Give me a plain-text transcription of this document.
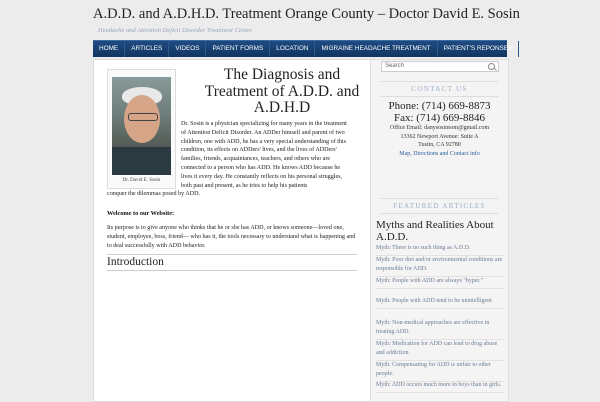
A.D.D. and A.D.H.D. Treatment Orange County – Doctor David E. Sosin
Headache and Attention Deficit Disorder Treatment Center
HOME	ARTICLES	VIDEOS	PATIENT FORMS	LOCATION	MIGRAINE HEADACHE TREATMENT	PATIENT'S REPONSES
Dr. David E. Sosin
The Diagnosis and Treatment of A.D.D. and A.D.H.D
Dr. Sosin is a physician specializing for many years in the treatment of Attention Deficit Disorder. An ADDer himself and parent of two children, one with ADD, he has a very special understanding of this condition, its effects on ADDers' lives, and the lives of ADDers' families, friends, acquaintances, teachers, and others who are connected to a person who has ADD. He knows ADD because he lives it every day. He constantly reflects on his personal struggles, both past and present, as he tries to help his patients
conquer the dilemmas posed by ADD.
Welcome to our Website:
Its purpose is to give anyone who thinks that he or she has ADD, or knows someone—loved one, student, employee, boss, friend— who has it, the tools necessary to understand what is happening and to deal successfully with ADD behavior.
Introduction
Search
CONTACT US
Phone: (714) 669-8873
Fax: (714) 669-8846
Office Email: danysosinsom@gmail.com
13362 Newport Avenue: Suite A
Tustin, CA 92780
Map, Directions and Contact info
FEATURED ARTICLES
Myths and Realities About A.D.D.
Myth: There is no such thing as A.D.D.
Myth: Poor diet and/or environmental conditions are responsible for ADD.
Myth: People with ADD are always "hyper."
Myth: People with ADD tend to be unintelligent
Myth: Non-medical approaches are effective in treating ADD.
Myth: Medication for ADD can lead to drug abuse and addiction.
Myth: Compensating for ADD is unfair to other people.
Myth: ADD occurs much more in boys than in girls.
